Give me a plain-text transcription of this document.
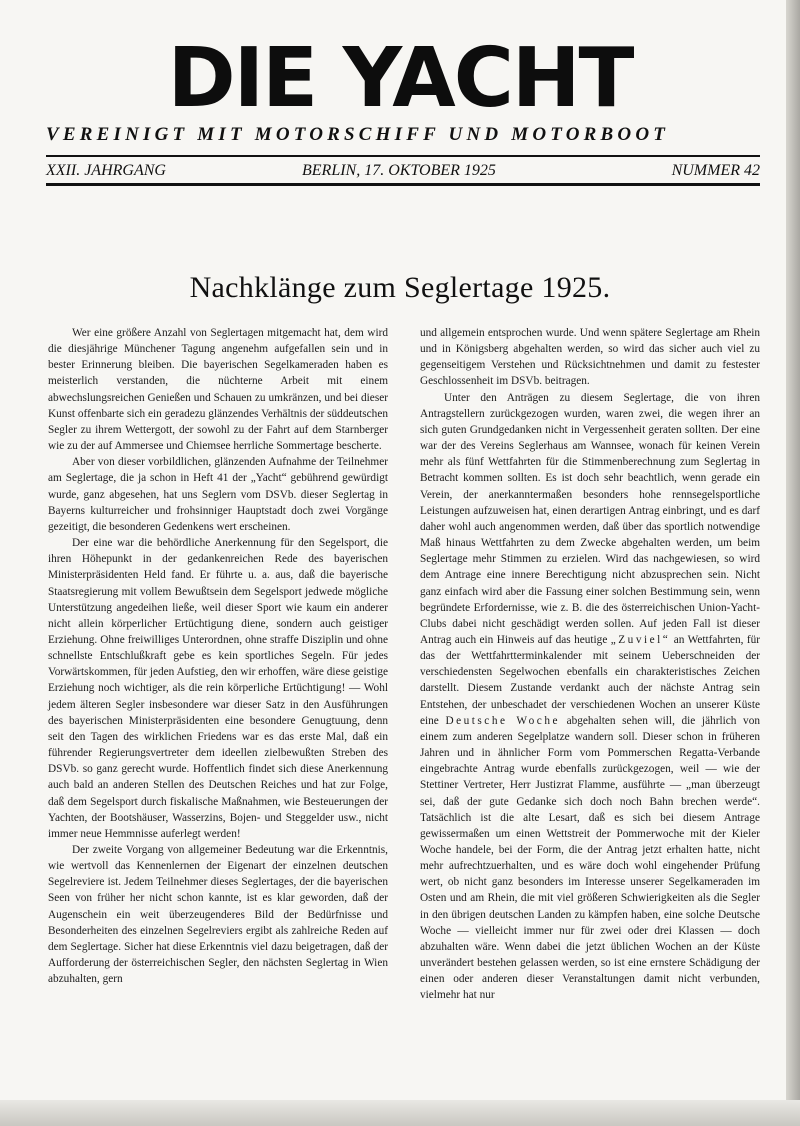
DIE YACHT
VEREINIGT MIT MOTORSCHIFF UND MOTORBOOT
XXII. JAHRGANG	BERLIN, 17. OKTOBER 1925	NUMMER 42
Nachklänge zum Seglertage 1925.

Wer eine größere Anzahl von Seglertagen mitgemacht hat, dem wird die diesjährige Münchener Tagung angenehm aufgefallen sein und in bester Erinnerung bleiben. Die bayerischen Segelkameraden haben es meisterlich verstanden, die nüchterne Arbeit mit einem abwechslungsreichen Genießen und Schauen zu umkränzen, und bei dieser Kunst offenbarte sich ein geradezu glänzendes Verhältnis der süddeutschen Segler zu ihrem Wettergott, der sowohl zu der Fahrt auf dem Starnberger wie zu der auf Ammersee und Chiemsee herrliche Sommertage bescherte.

Aber von dieser vorbildlichen, glänzenden Aufnahme der Teilnehmer am Seglertage, die ja schon in Heft 41 der „Yacht“ gebührend gewürdigt wurde, ganz abgesehen, hat uns Seglern vom DSVb. dieser Seglertag in Bayerns kulturreicher und frohsinniger Hauptstadt doch zwei Vorgänge gezeitigt, die besonderen Gedenkens wert erscheinen.

Der eine war die behördliche Anerkennung für den Segelsport, die ihren Höhepunkt in der gedankenreichen Rede des bayerischen Ministerpräsidenten Held fand. Er führte u. a. aus, daß die bayerische Staatsregierung mit vollem Bewußtsein dem Segelsport jedwede mögliche Unterstützung angedeihen ließe, weil dieser Sport wie kaum ein anderer nicht allein körperlicher Ertüchtigung diene, sondern auch geistiger Erziehung. Ohne freiwilliges Unterordnen, ohne straffe Disziplin und ohne schnellste Entschlußkraft gebe es kein sportliches Segeln. Für jedes Vorwärtskommen, für jeden Aufstieg, den wir erhoffen, wäre diese geistige Erziehung noch wichtiger, als die rein körperliche Ertüchtigung! — Wohl jedem älteren Segler insbesondere war dieser Satz in den Ausführungen des bayerischen Ministerpräsidenten eine besondere Genugtuung, denn seit den Tagen des wirklichen Friedens war es das erste Mal, daß ein führender Regierungsvertreter dem ideellen zielbewußten Streben des DSVb. so ganz gerecht wurde. Hoffentlich findet sich diese Anerkennung auch bald an anderen Stellen des Deutschen Reiches und hat zur Folge, daß dem Segelsport durch fiskalische Maßnahmen, wie Besteuerungen der Yachten, der Bootshäuser, Wasserzins, Bojen- und Steggelder usw., nicht immer neue Hemmnisse auferlegt werden!

Der zweite Vorgang von allgemeiner Bedeutung war die Erkenntnis, wie wertvoll das Kennenlernen der Eigenart der einzelnen deutschen Segelreviere ist. Jedem Teilnehmer dieses Seglertages, der die bayerischen Seen von früher her nicht schon kannte, ist es klar geworden, daß der Augenschein ein weit überzeugenderes Bild der Bedürfnisse und Besonderheiten des einzelnen Segelreviers ergibt als zahlreiche Reden auf dem Seglertage. Sicher hat diese Erkenntnis viel dazu beigetragen, daß der Aufforderung der österreichischen Segler, den nächsten Seglertag in Wien abzuhalten, gern

und allgemein entsprochen wurde. Und wenn spätere Seglertage am Rhein und in Königsberg abgehalten werden, so wird das sicher auch viel zu gegenseitigem Verstehen und Rücksichtnehmen und damit zu festester Geschlossenheit im DSVb. beitragen.

Unter den Anträgen zu diesem Seglertage, die von ihren Antragstellern zurückgezogen wurden, waren zwei, die wegen ihrer an sich guten Grundgedanken nicht in Vergessenheit geraten sollten. Der eine war der des Vereins Seglerhaus am Wannsee, wonach für keinen Verein mehr als fünf Wettfahrten für die Stimmenberechnung zum Seglertag in Betracht kommen sollten. Es ist doch sehr beachtlich, wenn gerade ein Verein, der anerkanntermaßen besonders hohe rennsegelsportliche Leistungen aufzuweisen hat, einen derartigen Antrag einbringt, und es darf daher wohl auch angenommen werden, daß über das sportlich notwendige Maß hinaus Wettfahrten zu dem Zwecke abgehalten werden, um beim Seglertage mehr Stimmen zu erzielen. Wird das nachgewiesen, so wird dem Antrage eine innere Berechtigung nicht abzusprechen sein. Nicht ganz einfach wird aber die Fassung einer solchen Bestimmung sein, wenn begründete Erfordernisse, wie z. B. die des österreichischen Union-Yacht-Clubs dabei nicht geschädigt werden sollen. Auf jeden Fall ist dieser Antrag auch ein Hinweis auf das heutige „Zuviel“ an Wettfahrten, für das der Wettfahrtterminkalender mit seinem Ueberschneiden der verschiedensten Segelwochen ebenfalls ein charakteristisches Zeichen darstellt. Diesem Zustande verdankt auch der nächste Antrag sein Entstehen, der unbeschadet der verschiedenen Wochen an unserer Küste eine Deutsche Woche abgehalten sehen will, die jährlich von einem zum anderen Segelplatze wandern soll. Dieser schon in früheren Jahren und in ähnlicher Form vom Pommerschen Regatta-Verbande eingebrachte Antrag wurde ebenfalls zurückgezogen, weil — wie der Stettiner Vertreter, Herr Justizrat Flamme, ausführte — „man überzeugt sei, daß der gute Gedanke sich doch noch Bahn brechen werde“. Tatsächlich ist die alte Lesart, daß es sich bei diesem Antrage gewissermaßen um einen Wettstreit der Pommerwoche mit der Kieler Woche handele, bei der Form, die der Antrag jetzt erhalten hatte, nicht mehr aufrechtzuerhalten, und es wäre doch wohl eingehender Prüfung wert, ob nicht ganz besonders im Interesse unserer Segelkameraden im Osten und am Rhein, die mit viel größeren Schwierigkeiten als die Segler in den übrigen deutschen Landen zu kämpfen haben, eine solche Deutsche Woche — vielleicht immer nur für zwei oder drei Klassen — doch abzuhalten wäre. Wenn dabei die jetzt üblichen Wochen an der Küste unverändert bestehen gelassen werden, so ist eine ernstere Schädigung der einen oder anderen dieser Veranstaltungen damit nicht verbunden, vielmehr hat nur
